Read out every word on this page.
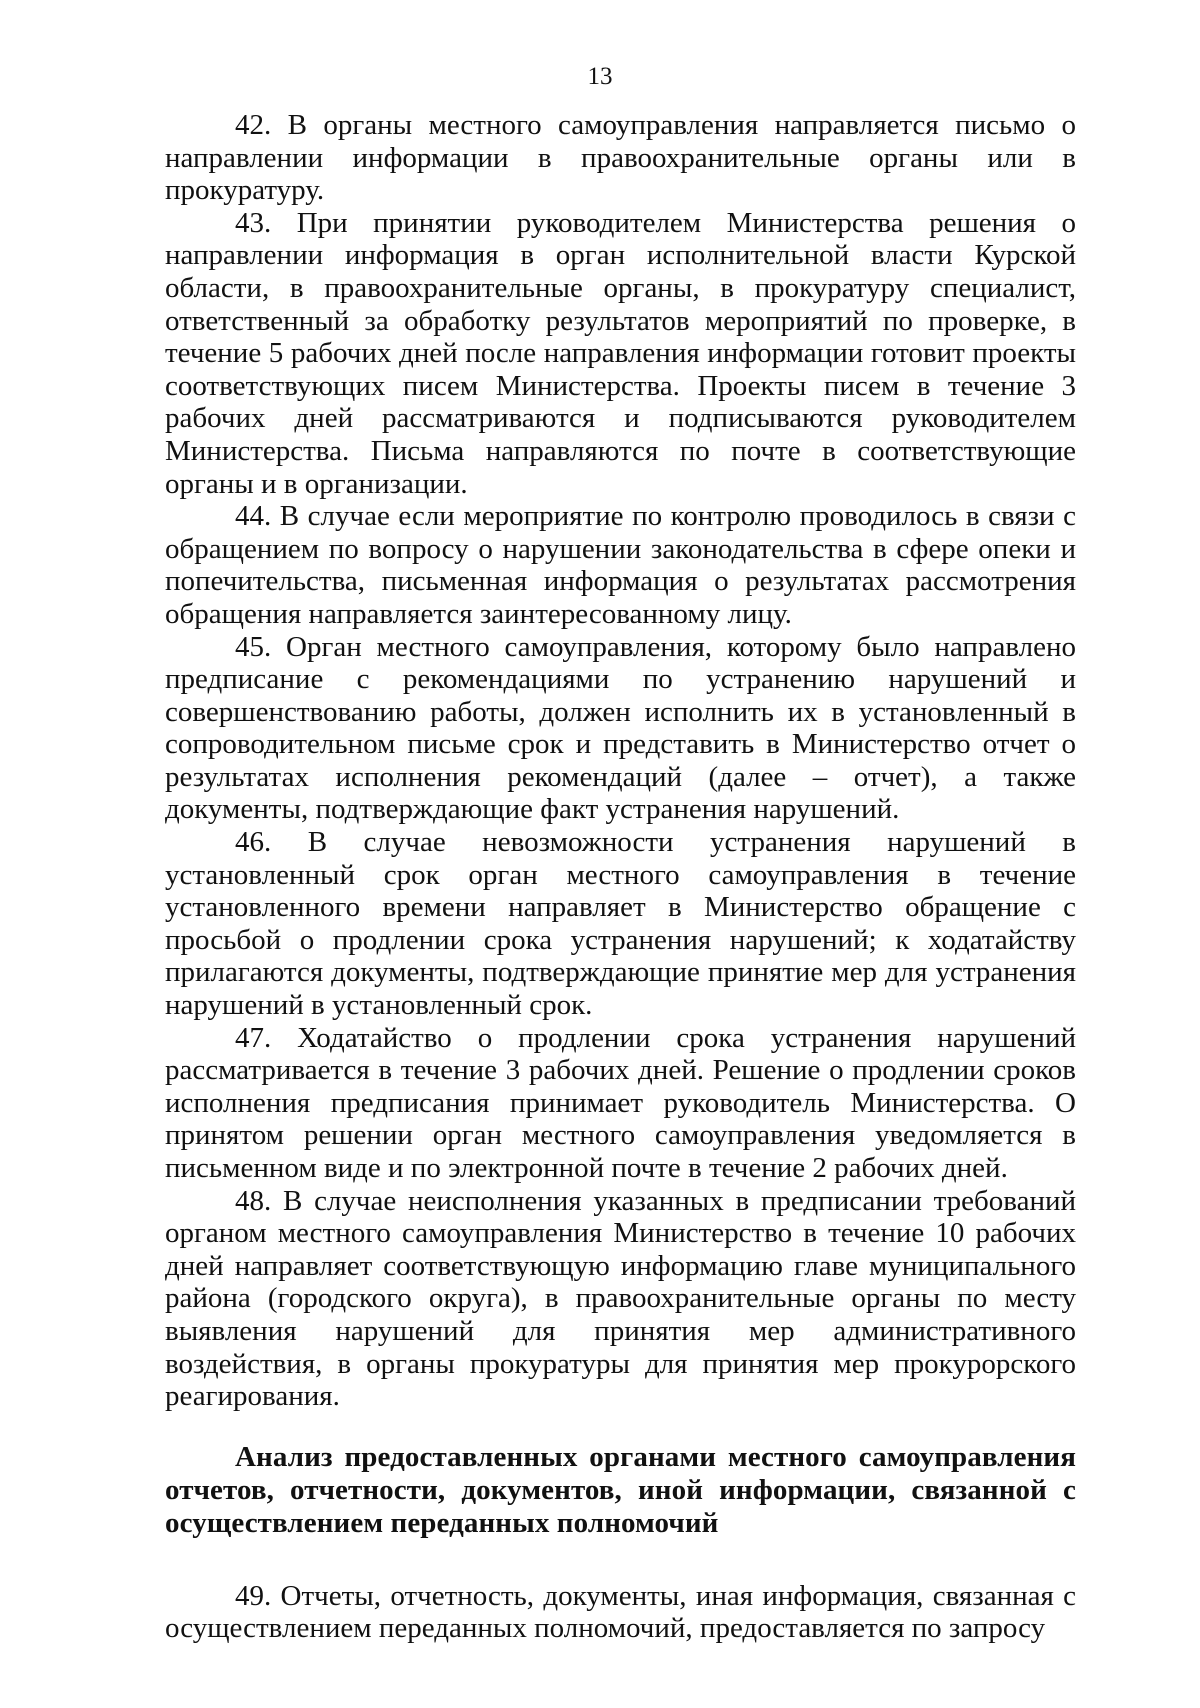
13

42. В органы местного самоуправления направляется письмо о направлении информации в правоохранительные органы или в прокуратуру.

43. При принятии руководителем Министерства решения о направлении информация в орган исполнительной власти Курской области, в правоохранительные органы, в прокуратуру специалист, ответственный за обработку результатов мероприятий по проверке, в течение 5 рабочих дней после направления информации готовит проекты соответствующих писем Министерства. Проекты писем в течение 3 рабочих дней рассматриваются и подписываются руководителем Министерства. Письма направляются по почте в соответствующие органы и в организации.

44. В случае если мероприятие по контролю проводилось в связи с обращением по вопросу о нарушении законодательства в сфере опеки и попечительства, письменная информация о результатах рассмотрения обращения направляется заинтересованному лицу.

45. Орган местного самоуправления, которому было направлено предписание с рекомендациями по устранению нарушений и совершенствованию работы, должен исполнить их в установленный в сопроводительном письме срок и представить в Министерство отчет о результатах исполнения рекомендаций (далее – отчет), а также документы, подтверждающие факт устранения нарушений.

46. В случае невозможности устранения нарушений в установленный срок орган местного самоуправления в течение установленного времени направляет в Министерство обращение с просьбой о продлении срока устранения нарушений; к ходатайству прилагаются документы, подтверждающие принятие мер для устранения нарушений в установленный срок.

47. Ходатайство о продлении срока устранения нарушений рассматривается в течение 3 рабочих дней. Решение о продлении сроков исполнения предписания принимает руководитель Министерства. О принятом решении орган местного самоуправления уведомляется в письменном виде и по электронной почте в течение 2 рабочих дней.

48. В случае неисполнения указанных в предписании требований органом местного самоуправления Министерство в течение 10 рабочих дней направляет соответствующую информацию главе муниципального района (городского округа), в правоохранительные органы по месту выявления нарушений для принятия мер административного воздействия, в органы прокуратуры для принятия мер прокурорского реагирования.

Анализ предоставленных органами местного самоуправления отчетов, отчетности, документов, иной информации, связанной с осуществлением переданных полномочий

49. Отчеты, отчетность, документы, иная информация, связанная с осуществлением переданных полномочий, предоставляется по запросу
